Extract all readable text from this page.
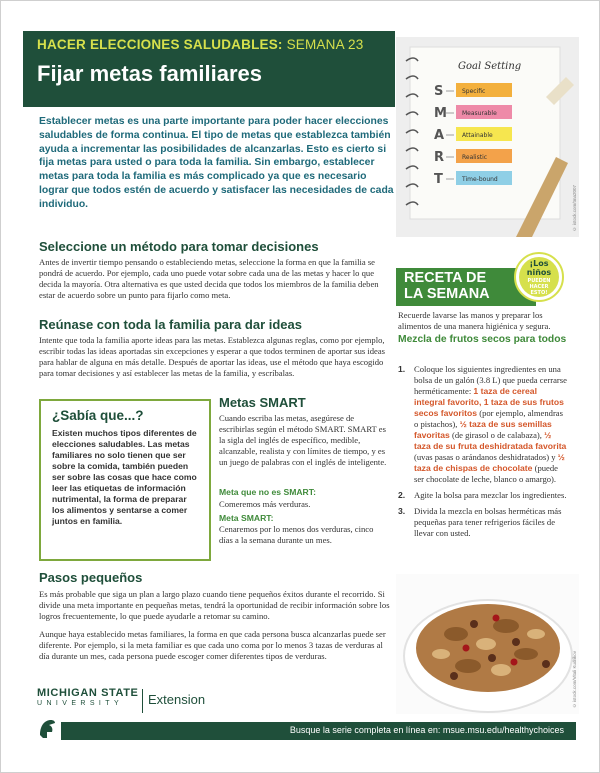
HACER ELECCIONES SALUDABLES: SEMANA 23
Fijar metas familiares	Goal Setting
S
M
A
R
T
Specific
Measurable
Attainable
Realistic
Time-bound
© istock.com/tma2007
Establecer metas es una parte importante para poder hacer elecciones saludables de forma continua. El tipo de metas que establezca también ayuda a incrementar las posibilidades de alcanzarlas. Esto es cierto si fija metas para usted o para toda la familia. Sin embargo, establecer metas para toda la familia es más complicado ya que es necesario lograr que todos estén de acuerdo y satisfacer las necesidades de cada individuo.
Seleccione un método para tomar decisiones

Antes de invertir tiempo pensando o estableciendo metas, seleccione la forma en que la familia se pondrá de acuerdo. Por ejemplo, cada uno puede votar sobre cada una de las metas y hacer lo que decida la mayoría. Otra alternativa es que usted decida que todos los miembros de la familia deben estar de acuerdo sobre un punto para fijarlo como meta.

Reúnase con toda la familia para dar ideas

Intente que toda la familia aporte ideas para las metas. Establezca algunas reglas, como por ejemplo, escribir todas las ideas aportadas sin excepciones y esperar a que todos terminen de aportar sus ideas para hablar de alguna en más detalle. Después de aportar las ideas, use el método que haya escogido para tomar decisiones y así establecer las metas de la familia, y escríbalas.

¿Sabía que...?

Existen muchos tipos diferentes de elecciones saludables. Las metas familiares no solo tienen que ser sobre la comida, también pueden ser sobre las cosas que hace como leer las etiquetas de información nutrimental, la forma de preparar los alimentos y sentarse a comer juntos en familia.

Metas SMART

Cuando escriba las metas, asegúrese de escribirlas según el método SMART. SMART es la sigla del inglés de específico, medible, alcanzable, realista y con límites de tiempo, y es un juego de palabras con el inglés de inteligente.

Meta que no es SMART:
Comeremos más verduras.
Meta SMART:
Cenaremos por lo menos dos verduras, cinco días a la semana durante un mes.
Pasos pequeños

Es más probable que siga un plan a largo plazo cuando tiene pequeños éxitos durante el recorrido. Si divide una meta importante en pequeñas metas, tendrá la oportunidad de recibir información sobre los logros frecuentemente, lo que puede ayudarle a retomar su camino.

Aunque haya establecido metas familiares, la forma en que cada persona busca alcanzarlas puede ser diferente. Por ejemplo, si la meta familiar es que cada uno coma por lo menos 3 tazas de verduras al día durante un mes, cada persona puede escoger comer diferentes tipos de verduras.

RECETA DE
LA SEMANA
¡Los
niños
PUEDEN
HACER
ESTO!

Recuerde lavarse las manos y preparar los alimentos de una manera higiénica y segura.

Mezcla de frutos secos para todos
1. Coloque los siguientes ingredientes en una bolsa de un galón (3.8 L) que pueda cerrarse herméticamente: 1 taza de cereal integral favorito, 1 taza de sus frutos secos favoritos (por ejemplo, almendras o pistachos), ½ taza de sus semillas favoritas (de girasol o de calabaza), ½ taza de su fruta deshidratada favorita (uvas pasas o arándanos deshidratados) y ½ taza de chispas de chocolate (puede ser chocolate de leche, blanco o amargo).
2. Agite la bolsa para mezclar los ingredientes.
3. Divida la mezcla en bolsas herméticas más pequeñas para tener refrigerios fáciles de llevar con usted.
© istock.com/Vitali Kudrikov
MICHIGAN STATE
UNIVERSITY	Extension
Busque la serie completa en línea en: msue.msu.edu/healthychoices
